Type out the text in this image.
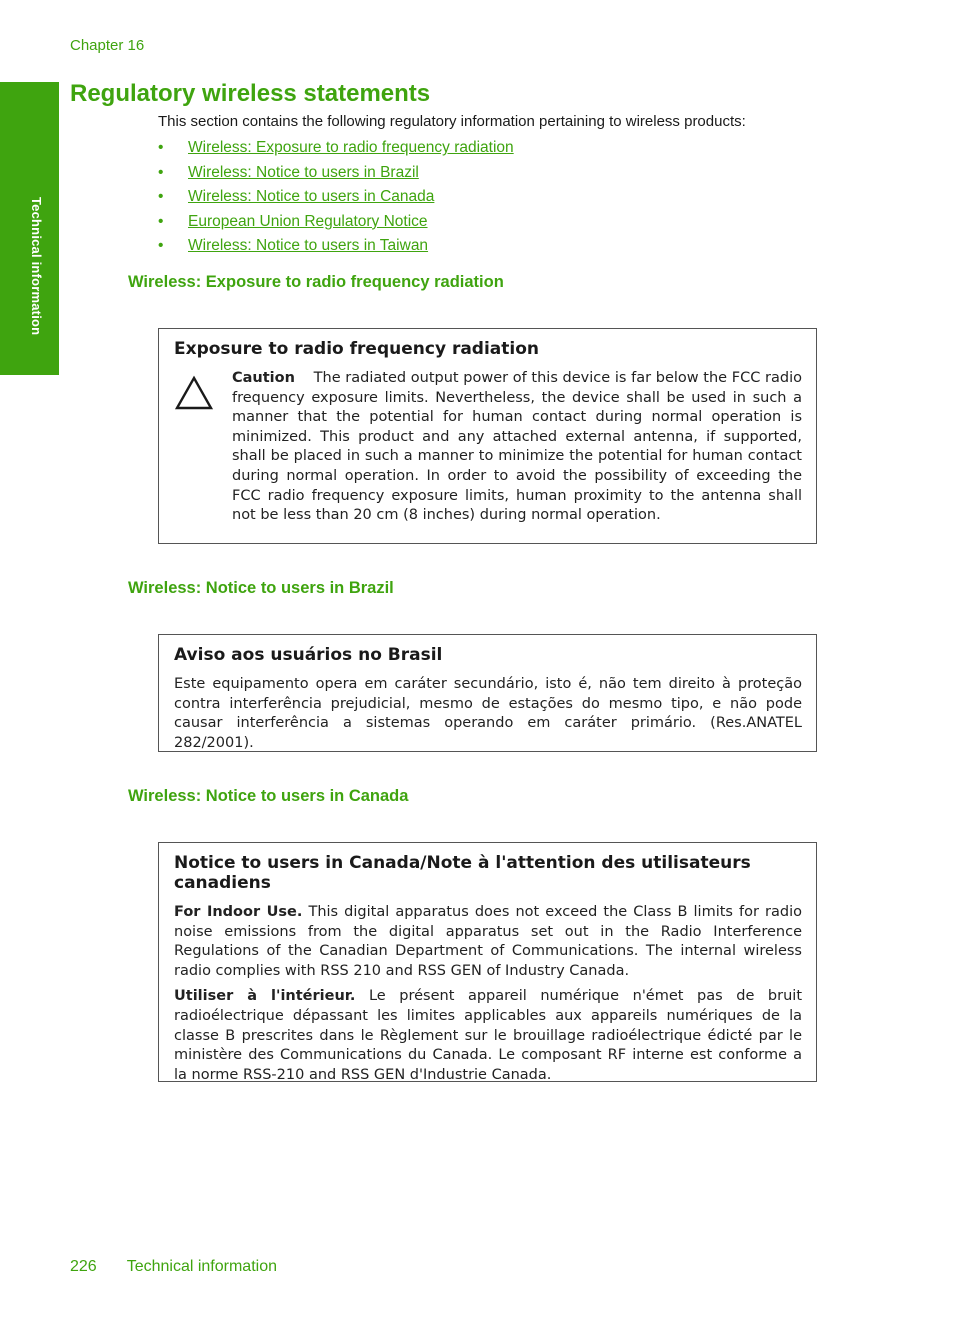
Chapter 16
Technical information
Regulatory wireless statements

This section contains the following regulatory information pertaining to wireless products:

•	Wireless: Exposure to radio frequency radiation
•	Wireless: Notice to users in Brazil
•	Wireless: Notice to users in Canada
•	European Union Regulatory Notice
•	Wireless: Notice to users in Taiwan
Wireless: Exposure to radio frequency radiation
Exposure to radio frequency radiation

Caution The radiated output power of this device is far below the FCC radio frequency exposure limits. Nevertheless, the device shall be used in such a manner that the potential for human contact during normal operation is minimized. This product and any attached external antenna, if supported, shall be placed in such a manner to minimize the potential for human contact during normal operation. In order to avoid the possibility of exceeding the FCC radio frequency exposure limits, human proximity to the antenna shall not be less than 20 cm (8 inches) during normal operation.

Wireless: Notice to users in Brazil
Aviso aos usuários no Brasil

Este equipamento opera em caráter secundário, isto é, não tem direito à proteção contra interferência prejudicial, mesmo de estações do mesmo tipo, e não pode causar interferência a sistemas operando em caráter primário. (Res.ANATEL 282/2001).

Wireless: Notice to users in Canada
Notice to users in Canada/Note à l'attention des utilisateurs canadiens

For Indoor Use. This digital apparatus does not exceed the Class B limits for radio noise emissions from the digital apparatus set out in the Radio Interference Regulations of the Canadian Department of Communications. The internal wireless radio complies with RSS 210 and RSS GEN of Industry Canada.

Utiliser à l'intérieur. Le présent appareil numérique n'émet pas de bruit radioélectrique dépassant les limites applicables aux appareils numériques de la classe B prescrites dans le Règlement sur le brouillage radioélectrique édicté par le ministère des Communications du Canada. Le composant RF interne est conforme a la norme RSS-210 and RSS GEN d'Industrie Canada.

226 Technical information
